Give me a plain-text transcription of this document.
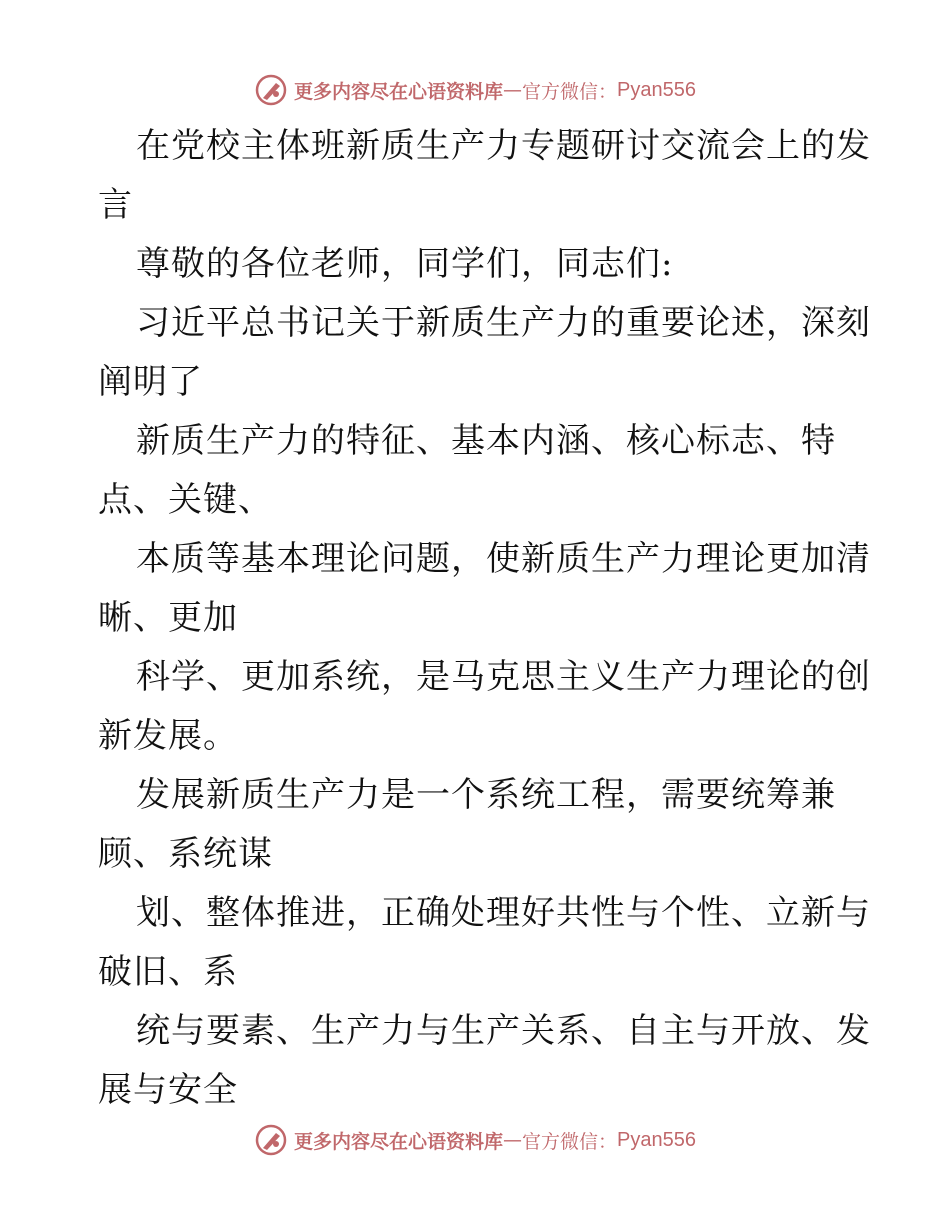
更多内容尽在心语资料库 — 官方微信： Pyan556
在党校主体班新质生产力专题研讨交流会上的发
言
尊敬的各位老师，同学们，同志们:
习近平总书记关于新质生产力的重要论述，深刻
阐明了
新质生产力的特征、基本内涵、核心标志、特
点、关键、
本质等基本理论问题，使新质生产力理论更加清
晰、更加
科学、更加系统，是马克思主义生产力理论的创
新发展。
发展新质生产力是一个系统工程，需要统筹兼
顾、系统谋
划、整体推进，正确处理好共性与个性、立新与
破旧、系
统与要素、生产力与生产关系、自主与开放、发
展与安全
更多内容尽在心语资料库 — 官方微信： Pyan556
